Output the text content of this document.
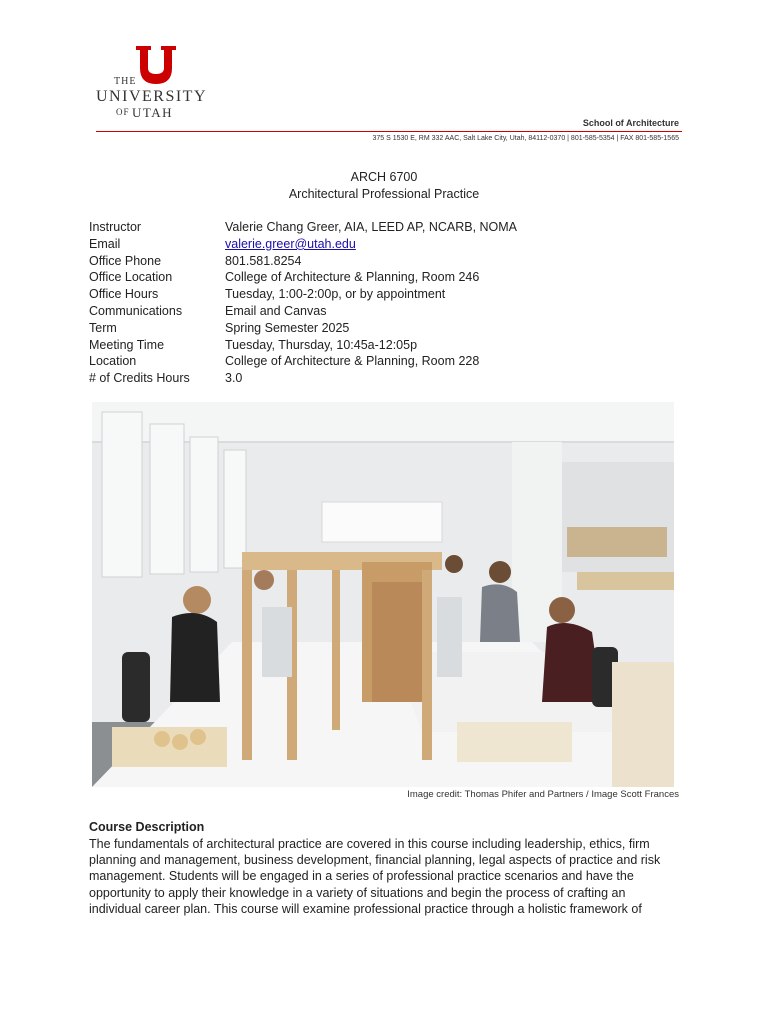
THE
UNIVERSITY
OF UTAH
School of Architecture
375 S 1530 E, RM 332 AAC, Salt Lake City, Utah, 84112-0370 | 801-585-5354 | FAX 801-585-1565
ARCH 6700
Architectural Professional Practice
Instructor	Valerie Chang Greer, AIA, LEED AP, NCARB, NOMA
Email	valerie.greer@utah.edu
Office Phone	801.581.8254
Office Location	College of Architecture & Planning, Room 246
Office Hours	Tuesday, 1:00-2:00p, or by appointment
Communications	Email and Canvas
Term	Spring Semester 2025
Meeting Time	Tuesday, Thursday, 10:45a-12:05p
Location	College of Architecture & Planning, Room 228
# of Credits Hours	3.0
Image credit: Thomas Phifer and Partners / Image Scott Frances
Course Description
The fundamentals of architectural practice are covered in this course including leadership, ethics, firm planning and management, business development, financial planning, legal aspects of practice and risk management. Students will be engaged in a series of professional practice scenarios and have the opportunity to apply their knowledge in a variety of situations and begin the process of crafting an individual career plan. This course will examine professional practice through a holistic framework of
